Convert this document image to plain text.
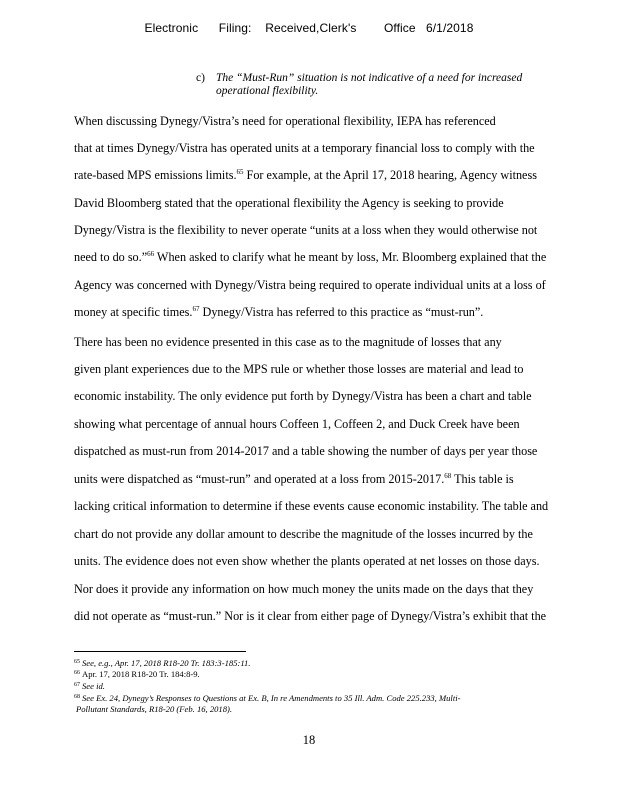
Electronic      Filing:    Received,Clerk's        Office   6/1/2018
c) The “Must-Run” situation is not indicative of a need for increased
operational flexibility.
When discussing Dynegy/Vistra’s need for operational flexibility, IEPA has referenced
that at times Dynegy/Vistra has operated units at a temporary financial loss to comply with the
rate-based MPS emissions limits.$^{65}$ For example, at the April 17, 2018 hearing, Agency witness
David Bloomberg stated that the operational flexibility the Agency is seeking to provide
Dynegy/Vistra is the flexibility to never operate “units at a loss when they would otherwise not
need to do so.”$^{66}$ When asked to clarify what he meant by loss, Mr. Bloomberg explained that the
Agency was concerned with Dynegy/Vistra being required to operate individual units at a loss of
money at specific times.$^{67}$ Dynegy/Vistra has referred to this practice as “must-run”.
There has been no evidence presented in this case as to the magnitude of losses that any
given plant experiences due to the MPS rule or whether those losses are material and lead to
economic instability. The only evidence put forth by Dynegy/Vistra has been a chart and table
showing what percentage of annual hours Coffeen 1, Coffeen 2, and Duck Creek have been
dispatched as must-run from 2014-2017 and a table showing the number of days per year those
units were dispatched as “must-run” and operated at a loss from 2015-2017.68 This table is
lacking critical information to determine if these events cause economic instability. The table and
chart do not provide any dollar amount to describe the magnitude of the losses incurred by the
units. The evidence does not even show whether the plants operated at net losses on those days.
Nor does it provide any information on how much money the units made on the days that they
did not operate as “must-run.” Nor is it clear from either page of Dynegy/Vistra’s exhibit that the
$^{65}$ See, e.g., Apr. 17, 2018 R18-20 Tr. 183:3-185:11.
$^{66}$ Apr. 17, 2018 R18-20 Tr. 184:8-9.
$^{67}$ See id.
$^{68}$ See Ex. 24, Dynegy’s Responses to Questions at Ex. B, In re Amendments to 35 Ill. Adm. Code 225.233, Multi-
Pollutant Standards, R18-20 (Feb. 16, 2018).
18
